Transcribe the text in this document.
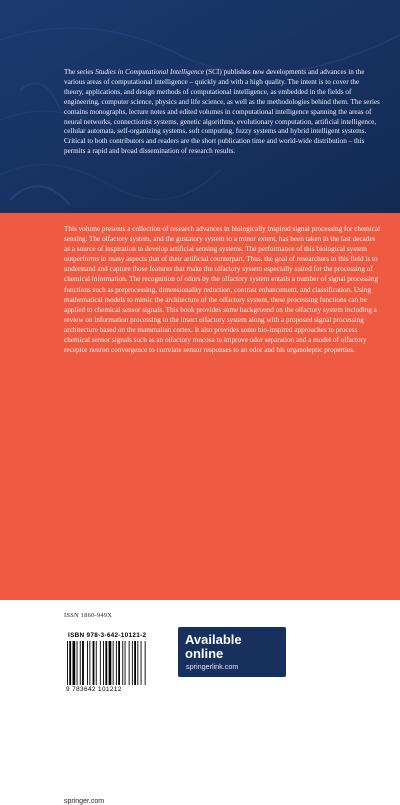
The series Studies in Computational Intelligence (SCI) publishes new developments and advances in the various areas of computational intelligence – quickly and with a high quality. The intent is to cover the theory, applications, and design methods of computational intelligence, as embedded in the fields of engineering, computer science, physics and life science, as well as the methodologies behind them. The series contains monographs, lecture notes and edited volumes in computational intelligence spanning the areas of neural networks, connectionist systems, genetic algorithms, evolutionary computation, artificial intelligence, cellular automata, self-organizing systems, soft computing, fuzzy systems and hybrid intelligent systems. Critical to both contributors and readers are the short publication time and world-wide distribution – this permits a rapid and broad dissemination of research results.

This volume presents a collection of research advances in biologically inspired signal processing for chemical sensing. The olfactory system, and the gustatory system to a minor extent, has been taken in the last decades as a source of inspiration to develop artificial sensing systems. The performance of this biological system outperforms in many aspects that of their artificial counterpart. Thus, the goal of researchers in this field is to understand and capture those features that make the olfactory system especially suited for the processing of chemical information. The recognition of odors by the olfactory system entails a number of signal processing functions such as preprocessing, dimensionality reduction, contrast enhancement, and classification. Using mathematical models to mimic the architecture of the olfactory system, these processing functions can be applied to chemical sensor signals. This book provides some background on the olfactory system including a review on information processing in the insect olfactory system along with a proposed signal processing architecture based on the mammalian cortex. It also provides some bio-inspired approaches to process chemical sensor signals such as an olfactory mucosa to improve odor separation and a model of olfactory receptor neuron convergence to correlate sensor responses to an odor and his organoleptic properties.
ISSN 1860-949X
ISBN 978-3-642-10121-2
9 783642 101212
Available
online
springerlink.com
springer.com
